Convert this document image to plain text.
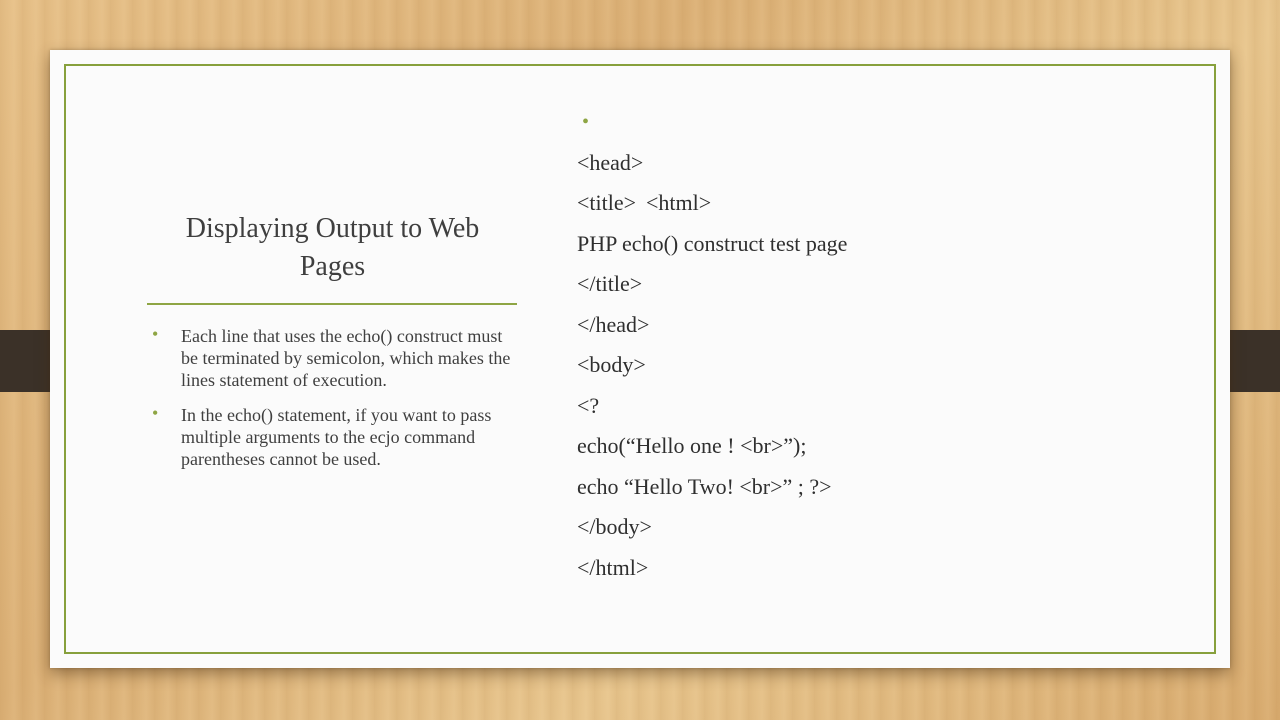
Displaying Output to Web Pages
• Each line that uses the echo() construct must be terminated by semicolon, which makes the lines statement of execution.
• In the echo() statement, if you want to pass multiple arguments to the ecjo command parentheses cannot be used.

•

<html>

<head>
<title>
PHP echo() construct test page
</title>
</head>
<body>
<?
echo(“Hello one ! <br>”);
echo “Hello Two! <br>” ; ?>
</body>
</html>
